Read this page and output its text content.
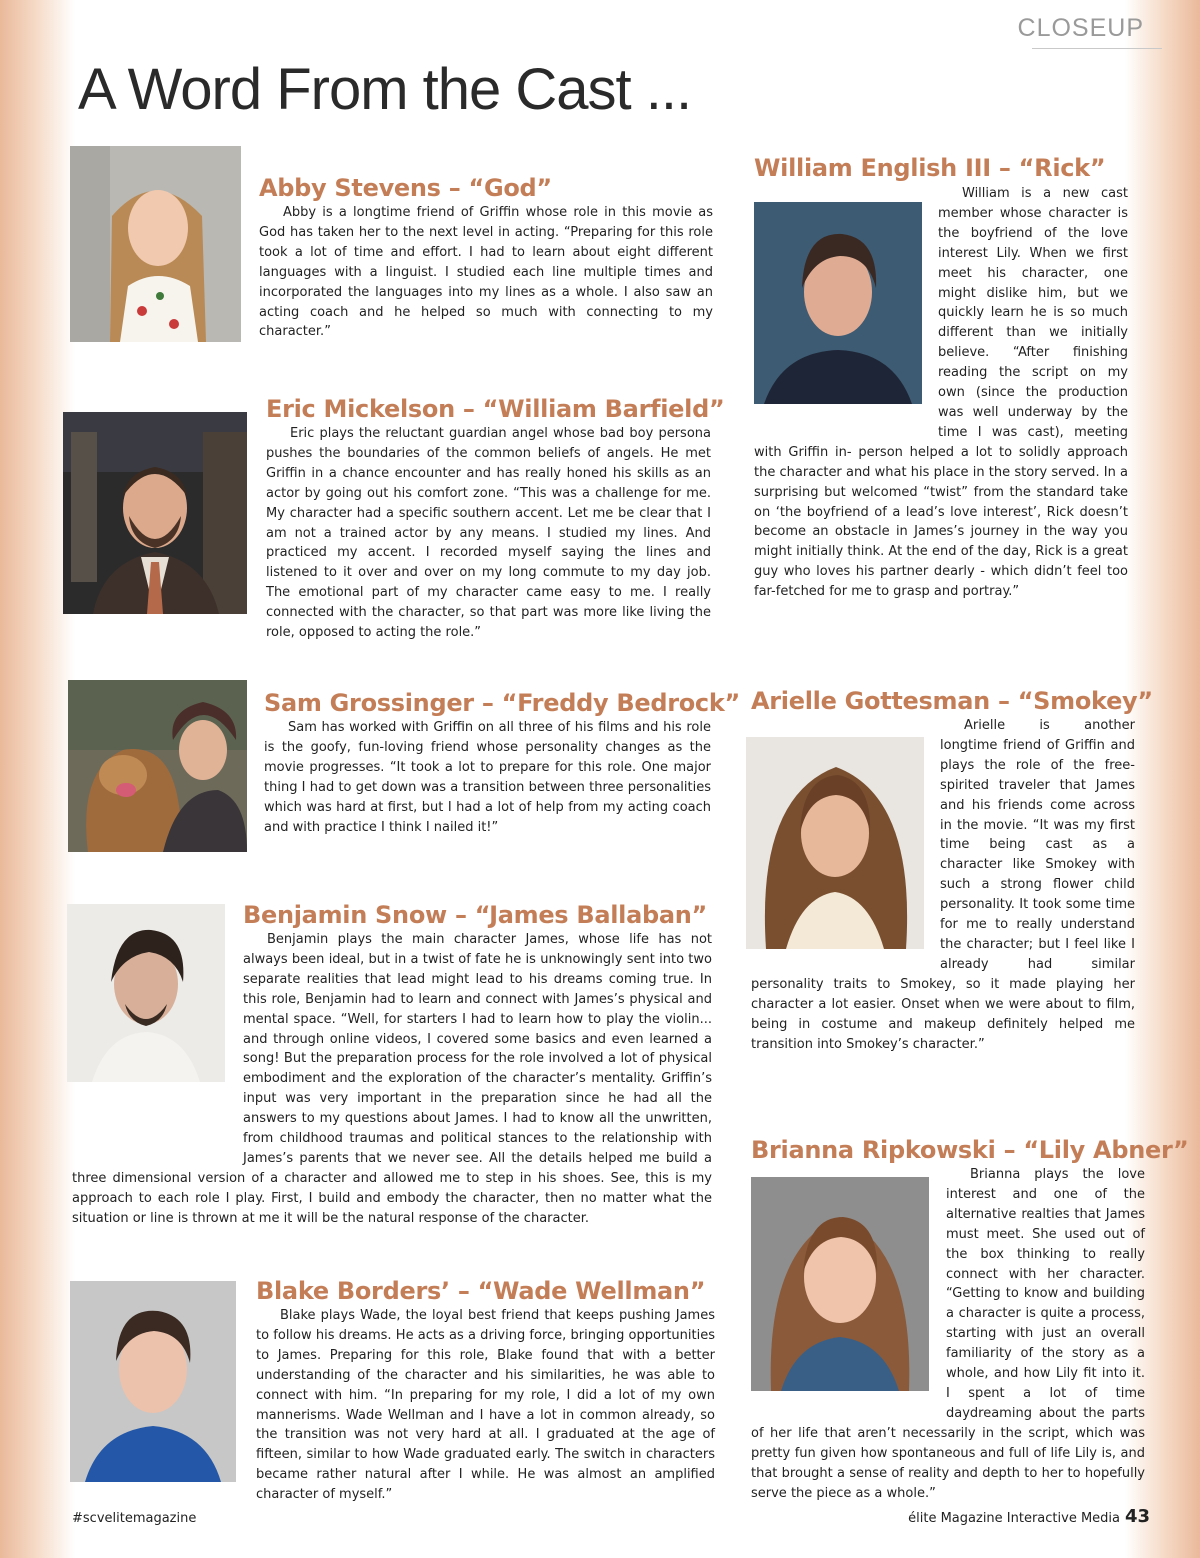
CLOSEUP
A Word From the Cast ...
Abby Stevens – “God”

Abby is a longtime friend of Griffin whose role in this movie as God has taken her to the next level in acting. “Preparing for this role took a lot of time and effort. I had to learn about eight different languages with a linguist. I studied each line multiple times and incorporated the languages into my lines as a whole. I also saw an acting coach and he helped so much with connecting to my character.”

Eric Mickelson – “William Barfield”

Eric plays the reluctant guardian angel whose bad boy persona pushes the boundaries of the common beliefs of angels. He met Griffin in a chance encounter and has really honed his skills as an actor by going out his comfort zone. “This was a challenge for me. My character had a specific southern accent. Let me be clear that I am not a trained actor by any means. I studied my lines. And practiced my accent. I recorded myself saying the lines and listened to it over and over on my long commute to my day job. The emotional part of my character came easy to me. I really connected with the character, so that part was more like living the role, opposed to acting the role.”

Sam Grossinger – “Freddy Bedrock”

Sam has worked with Griffin on all three of his films and his role is the goofy, fun-loving friend whose personality changes as the movie progresses. “It took a lot to prepare for this role. One major thing I had to get down was a transition between three personalities which was hard at first, but I had a lot of help from my acting coach and with practice I think I nailed it!”

Benjamin Snow – “James Ballaban”

Benjamin plays the main character James, whose life has not always been ideal, but in a twist of fate he is unknowingly sent into two separate realities that lead might lead to his dreams coming true. In this role, Benjamin had to learn and connect with James’s physical and mental space. “Well, for starters I had to learn how to play the violin... and through online videos, I covered some basics and even learned a song! But the preparation process for the role involved a lot of physical embodiment and the exploration of the character’s mentality. Griffin’s input was very important in the preparation since he had all the answers to my questions about James. I had to know all the unwritten, from childhood traumas and political stances to the relationship with James’s parents that we never see. All the details helped me build a three dimensional version of a character and allowed me to step in his shoes. See, this is my approach to each role I play. First, I build and embody the character, then no matter what the situation or line is thrown at me it will be the natural response of the character.

Blake Borders’ – “Wade Wellman”

Blake plays Wade, the loyal best friend that keeps pushing James to follow his dreams. He acts as a driving force, bringing opportunities to James. Preparing for this role, Blake found that with a better understanding of the character and his similarities, he was able to connect with him. “In preparing for my role, I did a lot of my own mannerisms. Wade Wellman and I have a lot in common already, so the transition was not very hard at all. I graduated at the age of fifteen, similar to how Wade graduated early. The switch in characters became rather natural after I while. He was almost an amplified character of myself.”

William English III – “Rick”

William is a new cast member whose character is the boyfriend of the love interest Lily. When we first meet his character, one might dislike him, but we quickly learn he is so much different than we initially believe. “After finishing reading the script on my own (since the production was well underway by the time I was cast), meeting with Griffin in- person helped a lot to solidly approach the character and what his place in the story served. In a surprising but welcomed “twist” from the standard take on ‘the boyfriend of a lead’s love interest’, Rick doesn’t become an obstacle in James’s journey in the way you might initially think. At the end of the day, Rick is a great guy who loves his partner dearly - which didn’t feel too far-fetched for me to grasp and portray.”

Arielle Gottesman – “Smokey”

Arielle is another longtime friend of Griffin and plays the role of the free-spirited traveler that James and his friends come across in the movie. “It was my first time being cast as a character like Smokey with such a strong flower child personality. It took some time for me to really understand the character; but I feel like I already had similar personality traits to Smokey, so it made playing her character a lot easier. Onset when we were about to film, being in costume and makeup definitely helped me transition into Smokey’s character.”

Brianna Ripkowski – “Lily Abner”

Brianna plays the love interest and one of the alternative realties that James must meet. She used out of the box thinking to really connect with her character. “Getting to know and building a character is quite a process, starting with just an overall familiarity of the story as a whole, and how Lily fit into it. I spent a lot of time daydreaming about the parts of her life that aren’t necessarily in the script, which was pretty fun given how spontaneous and full of life Lily is, and that brought a sense of reality and depth to her to hopefully serve the piece as a whole.”

#scvelitemagazine	élite Magazine Interactive Media 43
